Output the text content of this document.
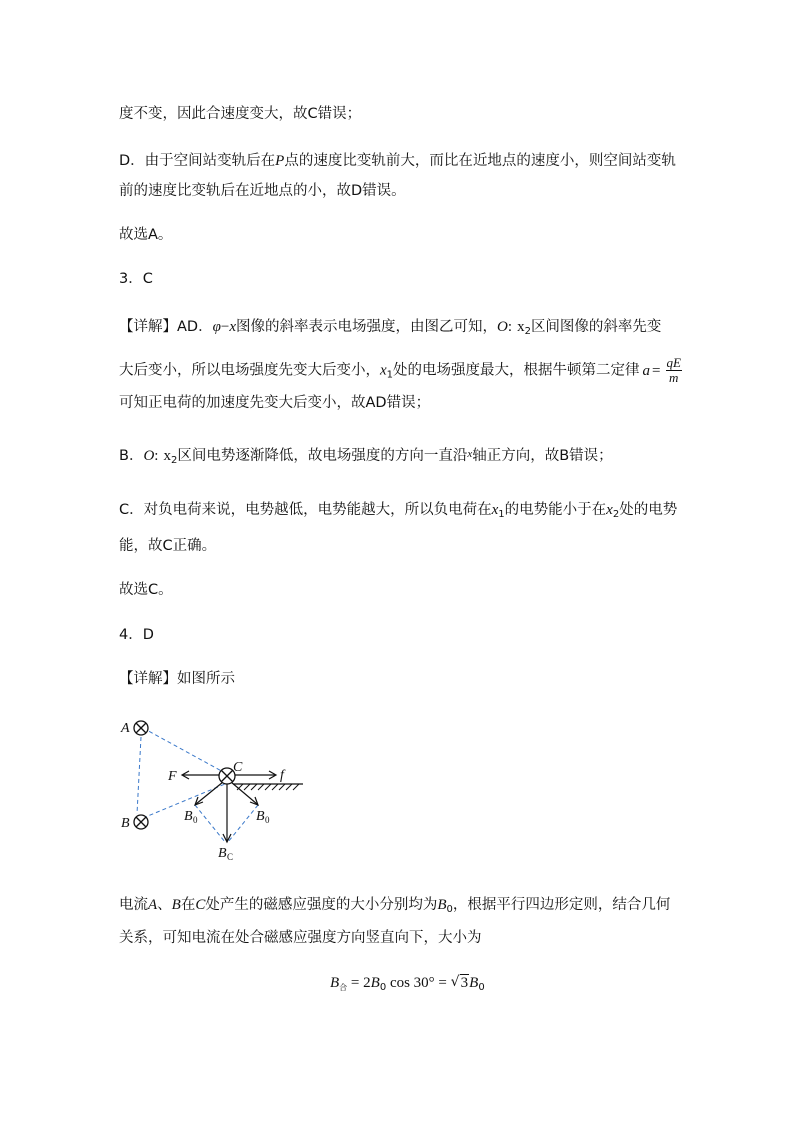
度不变，因此合速度变大，故C错误；
D．由于空间站变轨后在P点的速度比变轨前大，而比在近地点的速度小，则空间站变轨
前的速度比变轨后在近地点的小，故D错误。
故选A。
3．C
【详解】AD．φ−x图像的斜率表示电场强度，由图乙可知，O: $x_2$区间图像的斜率先变
大后变小，所以电场强度先变大后变小，$x_1$处的电场强度最大，根据牛顿第二定律 $a = \frac{qE}{m}$
可知正电荷的加速度先变大后变小，故AD错误；
B．O: $x_2$区间电势逐渐降低，故电场强度的方向一直沿$^x$轴正方向，故B错误；
C．对负电荷来说，电势越低，电势能越大，所以负电荷在$x_1$的电势能小于在$x_2$处的电势
能，故C正确。
故选C。
4．D
【详解】如图所示
A
B
C
F	f
B 0	B 0
B C
电流A、B在C处产生的磁感应强度的大小分别均为$B_0$，根据平行四边形定则，结合几何
关系，可知电流在处合磁感应强度方向竖直向下，大小为
$B_合 = 2B_0$ cos 30° = √ $3B_0$
